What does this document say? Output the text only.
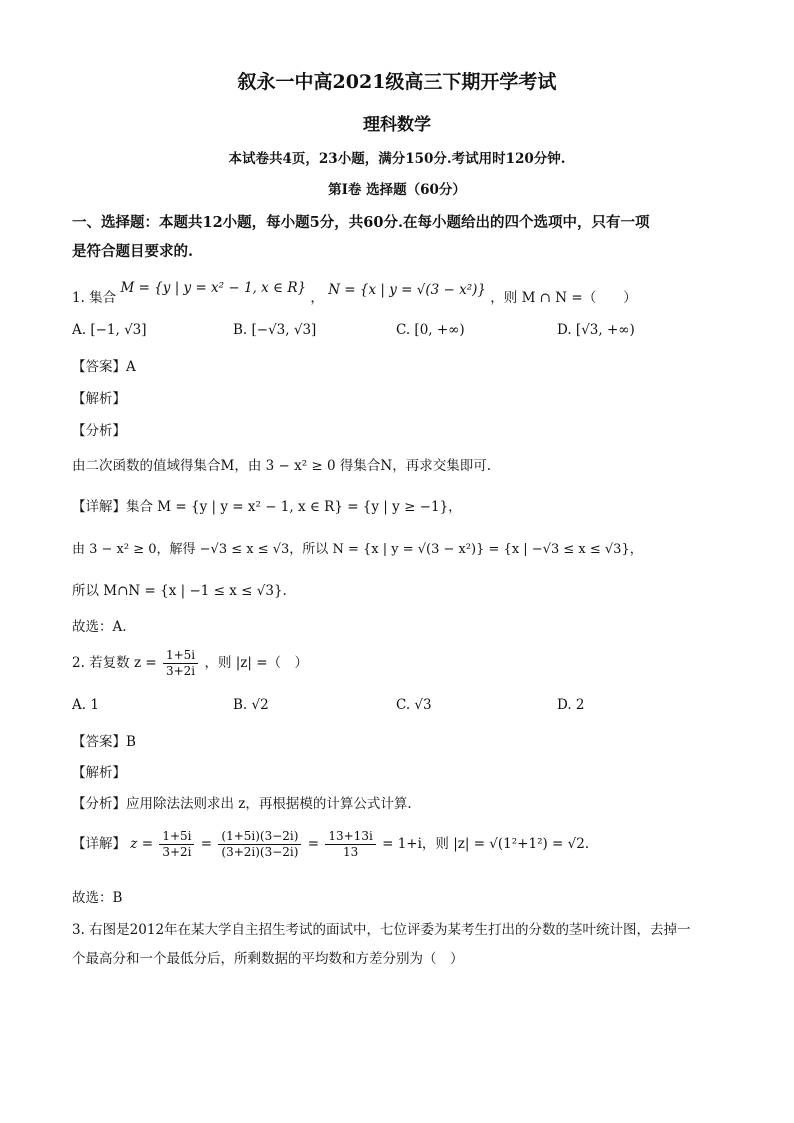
叙永一中高2021级高三下期开学考试
理科数学
本试卷共4页，23小题，满分150分.考试用时120分钟.
第Ⅰ卷 选择题（60分）
一、选择题：本题共12小题，每小题5分，共60分.在每小题给出的四个选项中，只有一项
是符合题目要求的.
1. 集合 M = {y | y = x² − 1, x ∈ R} ， N = {x | y = √(3 − x²)} ，则 M ∩ N =（　　）
A. [−1, √3]	B. [−√3, √3]	C. [0, +∞)	D. [√3, +∞)
【答案】A
【解析】
【分析】
由二次函数的值域得集合M，由 3 − x² ≥ 0 得集合N，再求交集即可.
【详解】集合 M = {y | y = x² − 1, x ∈ R} = {y | y ≥ −1}，
由 3 − x² ≥ 0，解得 −√3 ≤ x ≤ √3，所以 N = {x | y = √(3 − x²)} = {x | −√3 ≤ x ≤ √3}，
所以 M∩N = {x | −1 ≤ x ≤ √3}.
故选：A.
2. 若复数 $z = \frac{1+5i}{3+2i}$ ，则 |z| =（　）
A. 1	B. √2	C. √3	D. 2
【答案】B
【解析】
【分析】应用除法法则求出 z，再根据模的计算公式计算.
【详解】 $z = \frac{1+5i}{3+2i} = \frac{(1+5i)(3-2i)}{(3+2i)(3-2i)} = \frac{13+13i}{13} = 1+i$，则 |z| = √(1²+1²) = √2.
故选：B
3. 右图是2012年在某大学自主招生考试的面试中，七位评委为某考生打出的分数的茎叶统计图，去掉一
个最高分和一个最低分后，所剩数据的平均数和方差分别为（　）
